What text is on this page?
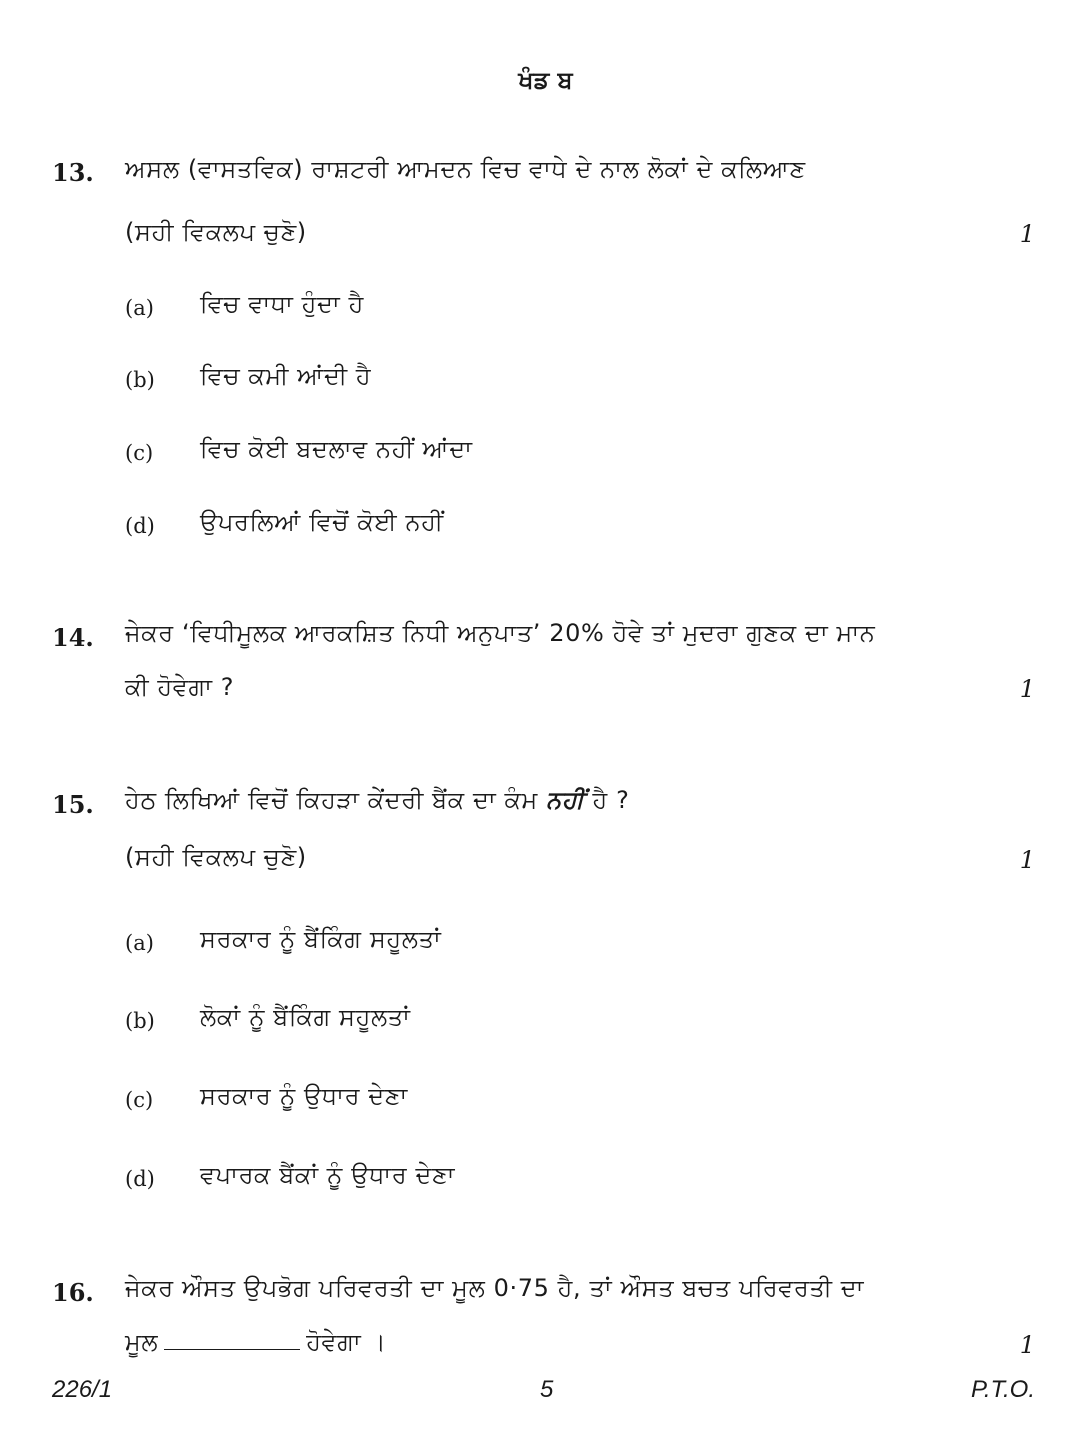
ਖੰਡ ਬ
13. ਅਸਲ (ਵਾਸਤਵਿਕ) ਰਾਸ਼ਟਰੀ ਆਮਦਨ ਵਿਚ ਵਾਧੇ ਦੇ ਨਾਲ ਲੋਕਾਂ ਦੇ ਕਲਿਆਣ
(ਸਹੀ ਵਿਕਲਪ ਚੁਣੋ)	1
(a) ਵਿਚ ਵਾਧਾ ਹੁੰਦਾ ਹੈ
(b) ਵਿਚ ਕਮੀ ਆਂਦੀ ਹੈ
(c) ਵਿਚ ਕੋਈ ਬਦਲਾਵ ਨਹੀਂ ਆਂਦਾ
(d) ਉਪਰਲਿਆਂ ਵਿਚੋਂ ਕੋਈ ਨਹੀਂ
14. ਜੇਕਰ ‘ਵਿਧੀਮੂਲਕ ਆਰਕਸ਼ਿਤ ਨਿਧੀ ਅਨੁਪਾਤ’ 20% ਹੋਵੇ ਤਾਂ ਮੁਦਰਾ ਗੁਣਕ ਦਾ ਮਾਨ
ਕੀ ਹੋਵੇਗਾ ?	1
15. ਹੇਠ ਲਿਖਿਆਂ ਵਿਚੋਂ ਕਿਹੜਾ ਕੇਂਦਰੀ ਬੈਂਕ ਦਾ ਕੰਮ ਨਹੀਂ ਹੈ ?
(ਸਹੀ ਵਿਕਲਪ ਚੁਣੋ)	1
(a) ਸਰਕਾਰ ਨੂੰ ਬੈਂਕਿੰਗ ਸਹੂਲਤਾਂ
(b) ਲੋਕਾਂ ਨੂੰ ਬੈਂਕਿੰਗ ਸਹੂਲਤਾਂ
(c) ਸਰਕਾਰ ਨੂੰ ਉਧਾਰ ਦੇਣਾ
(d) ਵਪਾਰਕ ਬੈਂਕਾਂ ਨੂੰ ਉਧਾਰ ਦੇਣਾ
16. ਜੇਕਰ ਔਸਤ ਉਪਭੋਗ ਪਰਿਵਰਤੀ ਦਾ ਮੂਲ 0·75 ਹੈ, ਤਾਂ ਔਸਤ ਬਚਤ ਪਰਿਵਰਤੀ ਦਾ
ਮੂਲ	ਹੋਵੇਗਾ ।	1
226/1	5	P.T.O.
